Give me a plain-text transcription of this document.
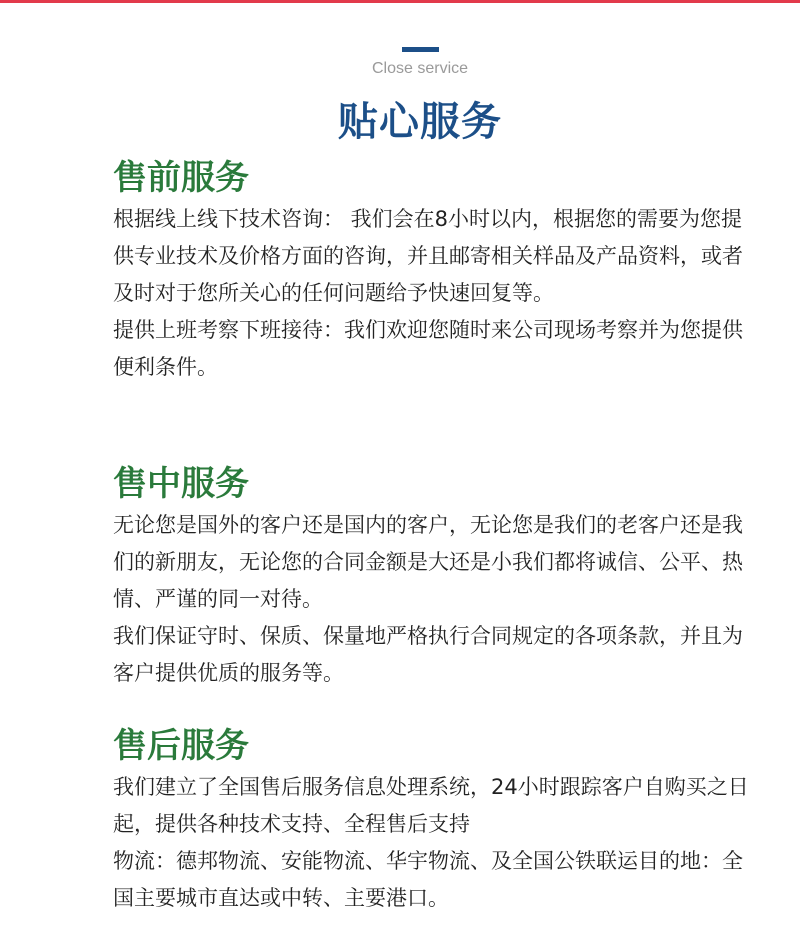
Close service
贴心服务
售前服务

根据线上线下技术咨询： 我们会在8小时以内，根据您的需要为您提供专业技术及价格方面的咨询，并且邮寄相关样品及产品资料，或者及时对于您所关心的任何问题给予快速回复等。

提供上班考察下班接待：我们欢迎您随时来公司现场考察并为您提供便利条件。

售中服务

无论您是国外的客户还是国内的客户，无论您是我们的老客户还是我们的新朋友，无论您的合同金额是大还是小我们都将诚信、公平、热情、严谨的同一对待。

我们保证守时、保质、保量地严格执行合同规定的各项条款，并且为客户提供优质的服务等。

售后服务

我们建立了全国售后服务信息处理系统，24小时跟踪客户自购买之日起，提供各种技术支持、全程售后支持

物流：德邦物流、安能物流、华宇物流、及全国公铁联运目的地：全国主要城市直达或中转、主要港口。
